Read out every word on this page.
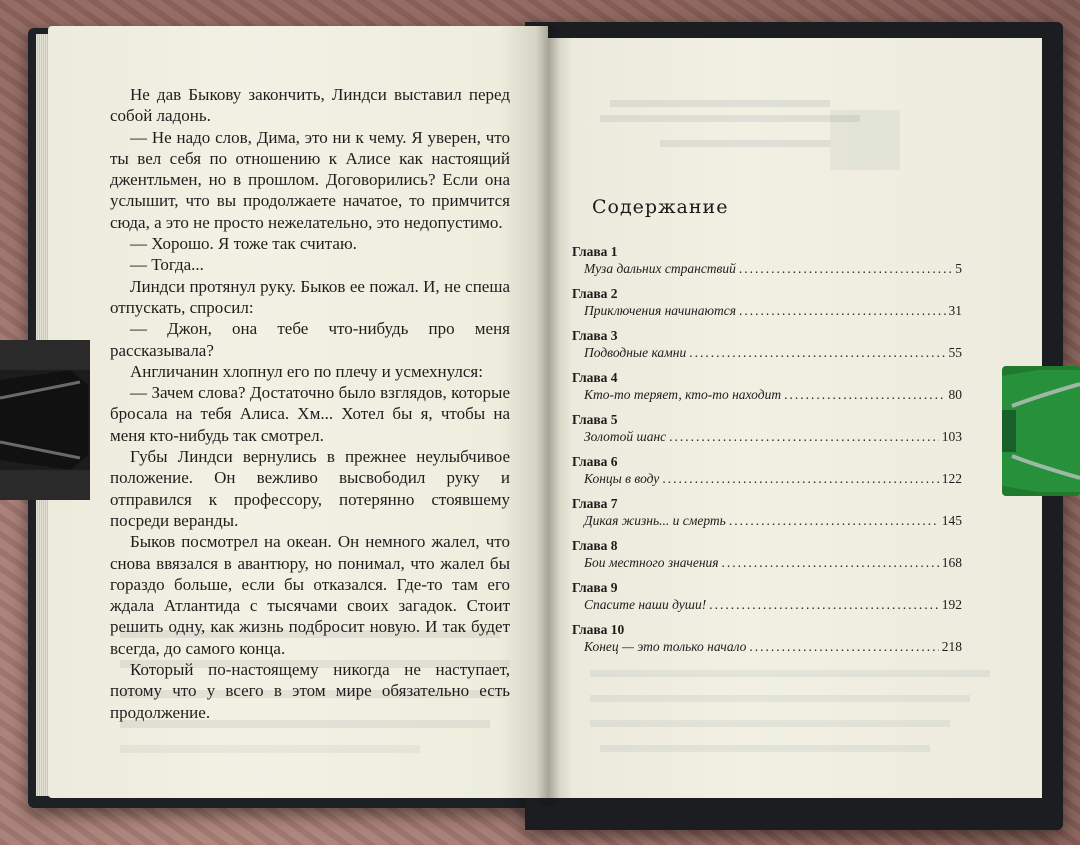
Не дав Быкову закончить, Линдси выставил перед собой ладонь.

— Не надо слов, Дима, это ни к чему. Я уверен, что ты вел себя по отношению к Алисе как настоящий джентльмен, но в прошлом. Договорились? Если она услышит, что вы продолжаете начатое, то примчится сюда, а это не просто нежелательно, это недопустимо.

— Хорошо. Я тоже так считаю.

— Тогда...

Линдси протянул руку. Быков ее пожал. И, не спеша отпускать, спросил:

— Джон, она тебе что-нибудь про меня рассказывала?

Англичанин хлопнул его по плечу и усмехнулся:

— Зачем слова? Достаточно было взглядов, которые бросала на тебя Алиса. Хм... Хотел бы я, чтобы на меня кто-нибудь так смотрел.

Губы Линдси вернулись в прежнее неулыбчивое положение. Он вежливо высвободил руку и отправился к профессору, потерянно стоявшему посреди веранды.

Быков посмотрел на океан. Он немного жалел, что снова ввязался в авантюру, но понимал, что жалел бы гораздо больше, если бы отказался. Где-то там его ждала Атлантида с тысячами своих загадок. Стоит решить одну, как жизнь подбросит новую. И так будет всегда, до самого конца.

Который по-настоящему никогда не наступает, потому что у всего в этом мире обязательно есть продолжение.

Содержание
Глава 1
Муза дальних странствий .....	5
Глава 2
Приключения начинаются .....	31
Глава 3
Подводные камни .....	55
Глава 4
Кто-то теряет, кто-то находит .....	80
Глава 5
Золотой шанс .....	103
Глава 6
Концы в воду .....	122
Глава 7
Дикая жизнь... и смерть .....	145
Глава 8
Бои местного значения .....	168
Глава 9
Спасите наши души! .....	192
Глава 10
Конец — это только начало .....	218
